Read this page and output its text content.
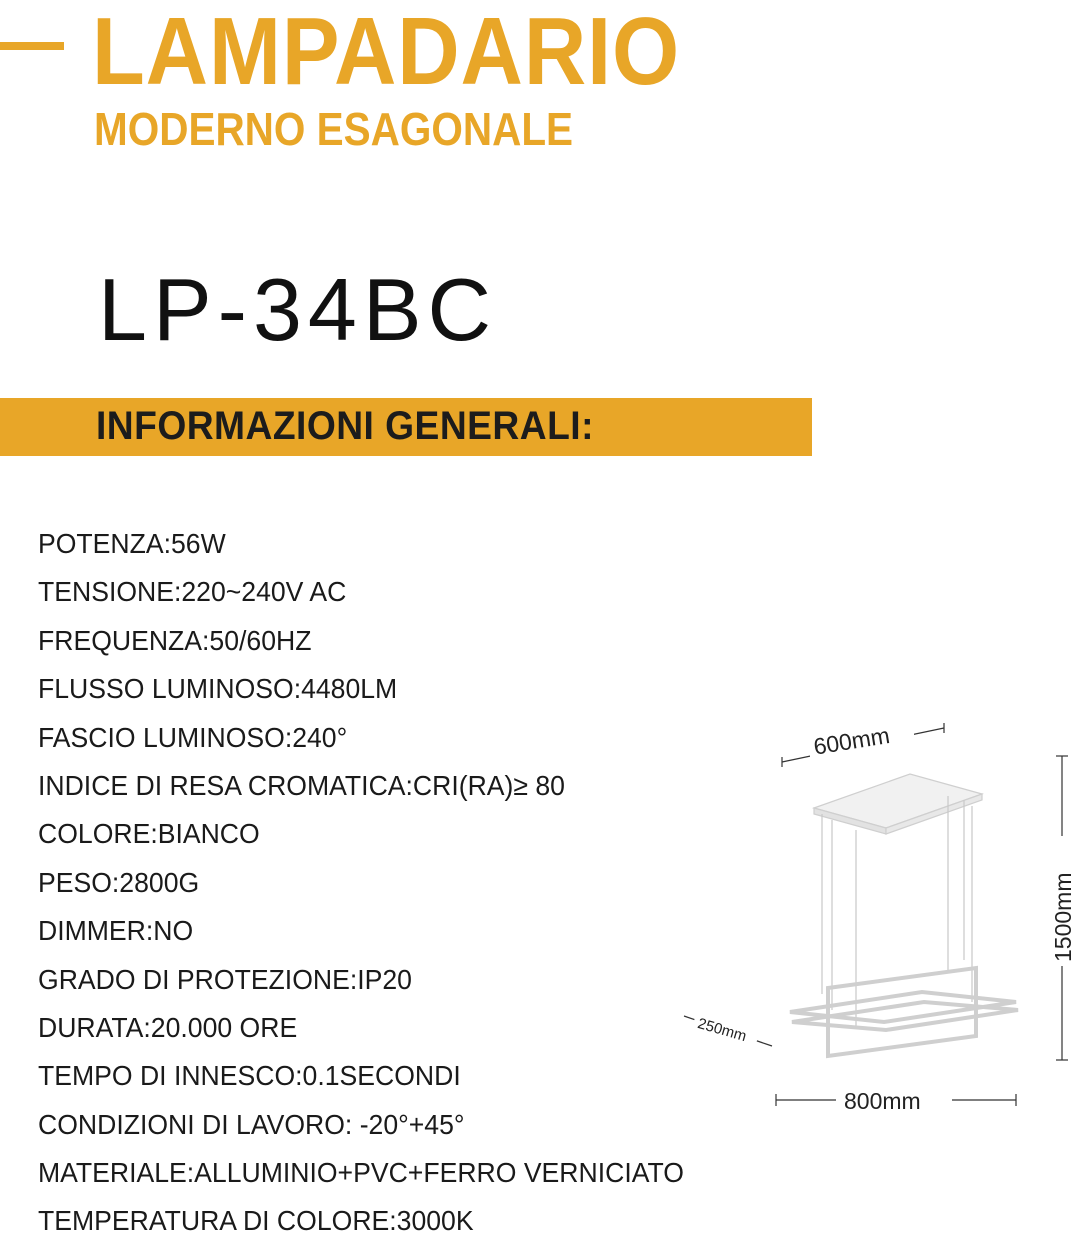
LAMPADARIO
MODERNO ESAGONALE
LP-34BC
INFORMAZIONI GENERALI:
POTENZA:56W
TENSIONE:220~240V AC
FREQUENZA:50/60HZ
FLUSSO LUMINOSO:4480LM
FASCIO LUMINOSO:240°
INDICE DI RESA CROMATICA:CRI(RA)≥ 80
COLORE:BIANCO
PESO:2800G
DIMMER:NO
GRADO DI PROTEZIONE:IP20
DURATA:20.000 ORE
TEMPO DI INNESCO:0.1SECONDI
CONDIZIONI DI LAVORO: -20°+45°
MATERIALE:ALLUMINIO+PVC+FERRO VERNICIATO
TEMPERATURA DI COLORE:3000K
600mm
1500mm
250mm
800mm
